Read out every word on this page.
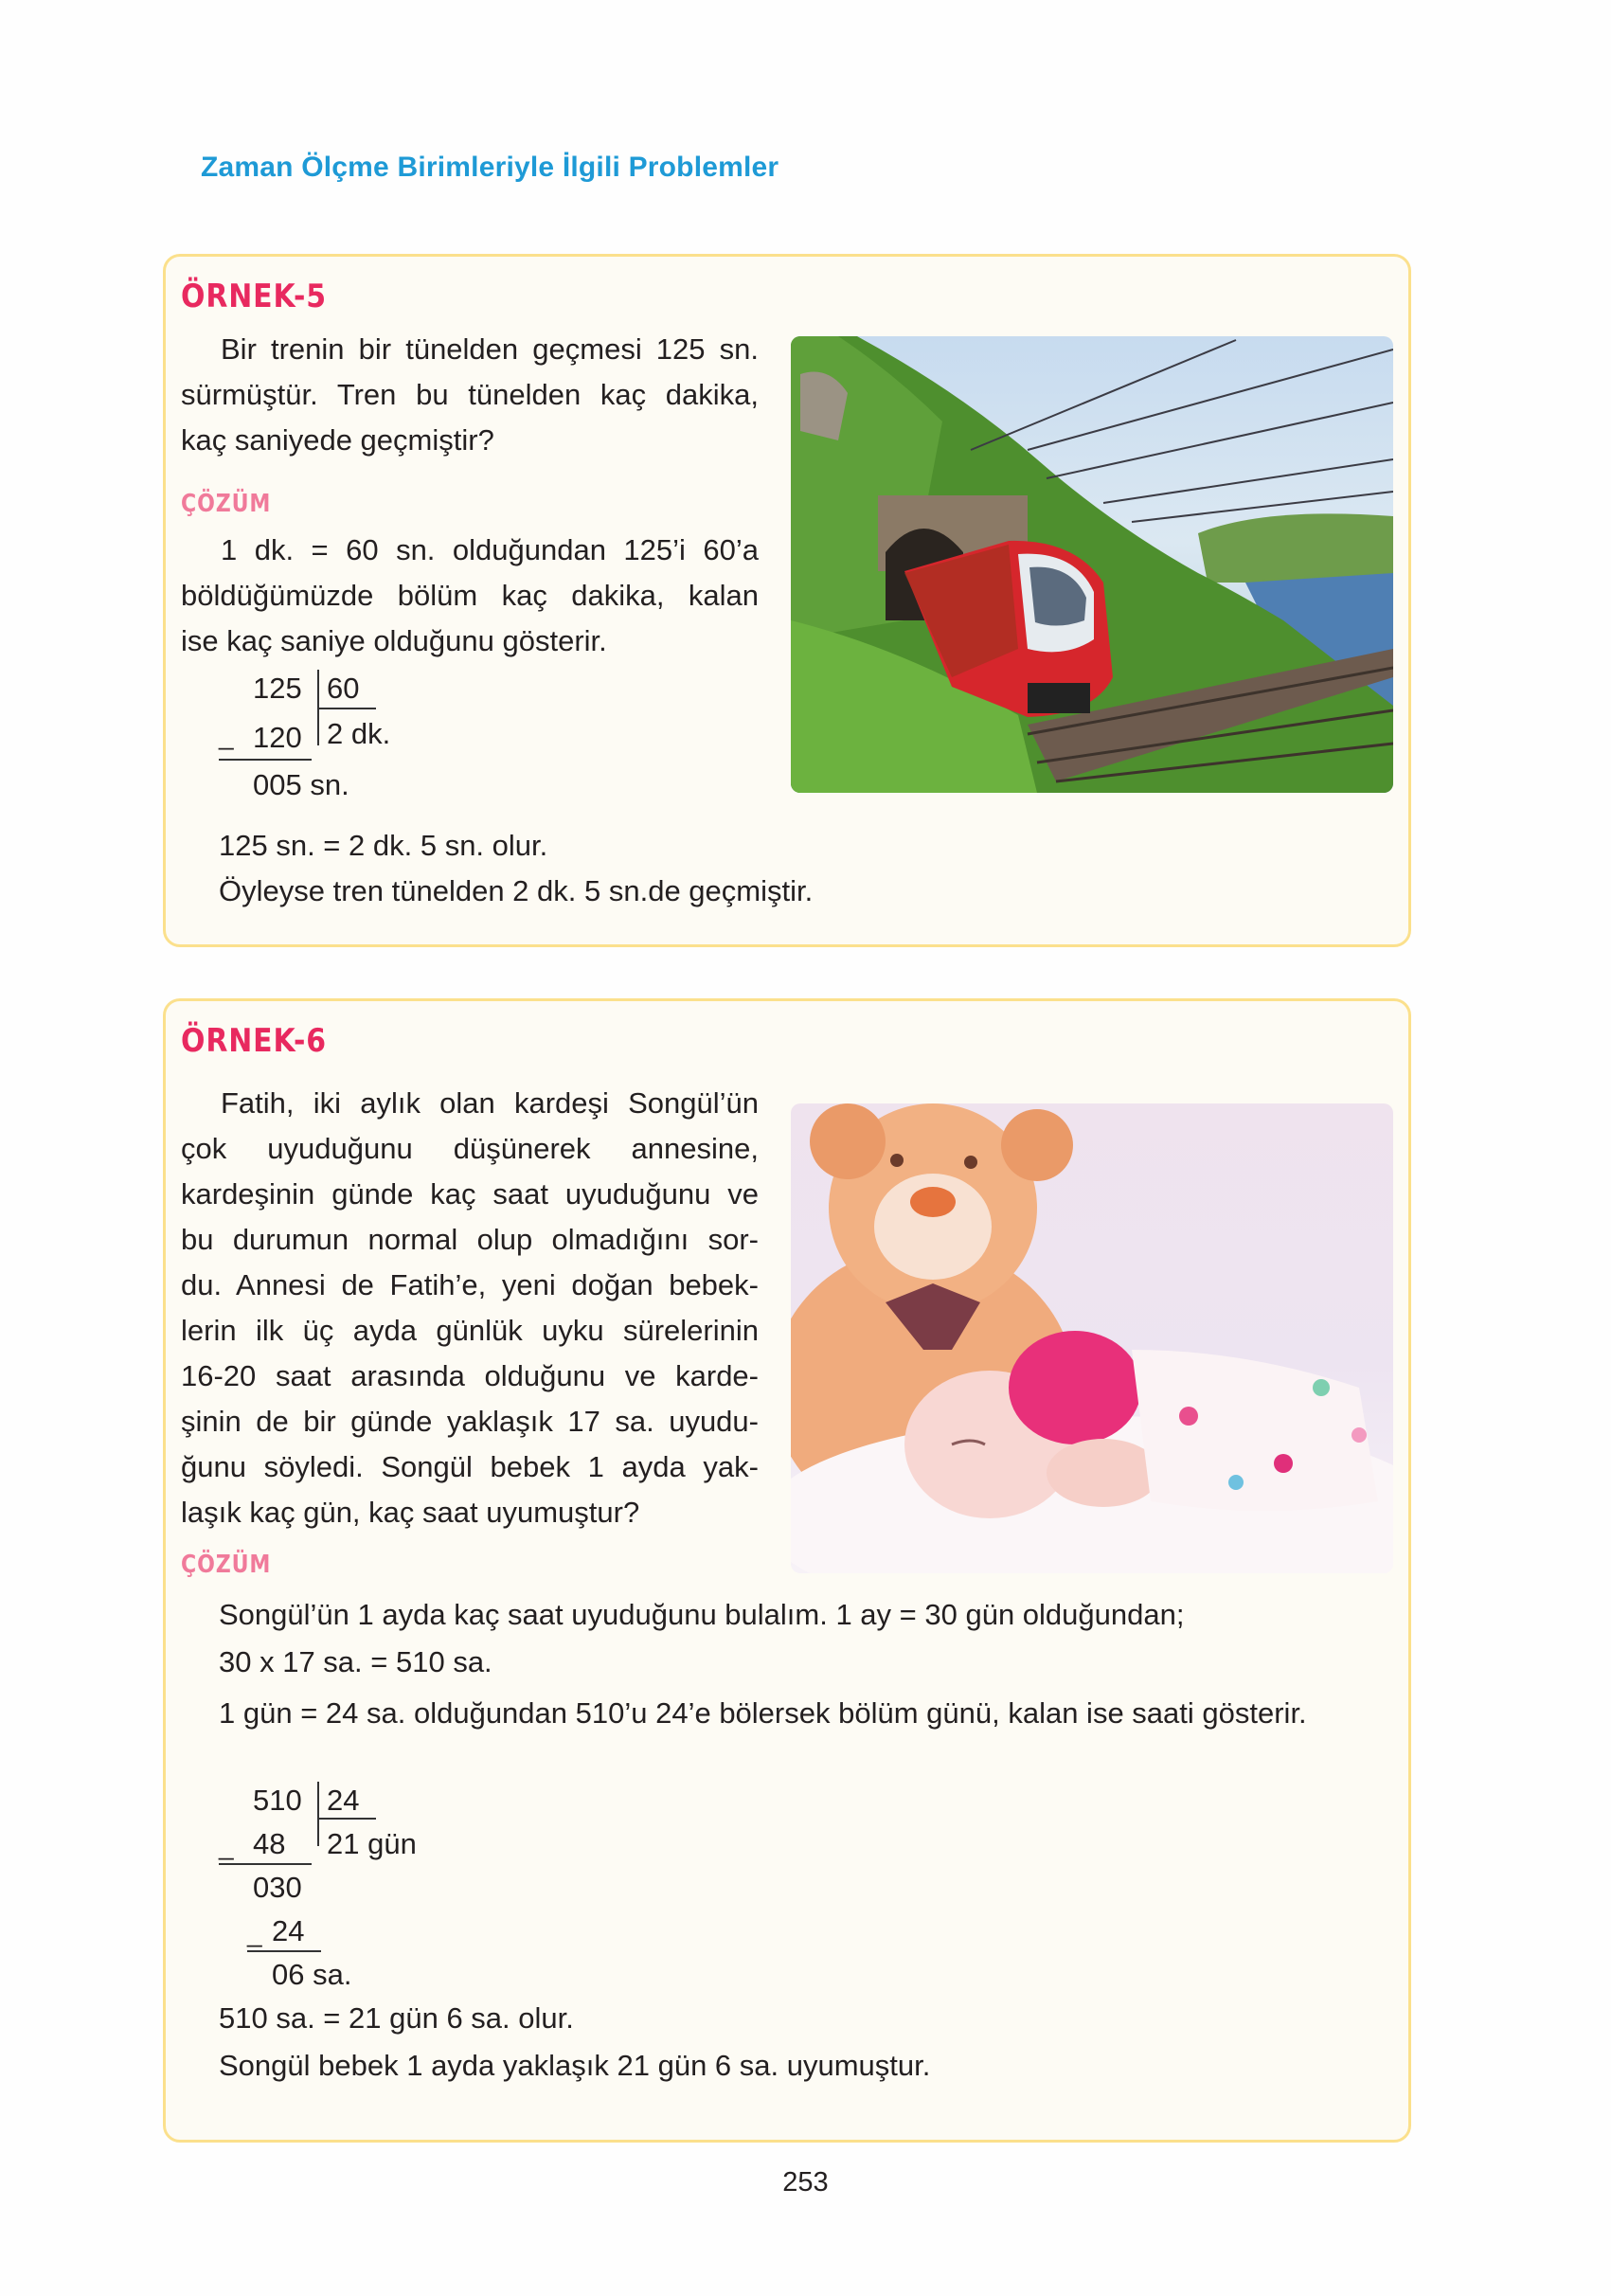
Zaman Ölçme Birimleriyle İlgili Problemler
ÖRNEK-5
Bir trenin bir tünelden geçmesi 125 sn.
sürmüştür. Tren bu tünelden kaç dakika,
kaç saniyede geçmiştir?
ÇÖZÜM
1 dk. = 60 sn. olduğundan 125’i 60’a
böldüğümüzde bölüm kaç dakika, kalan
ise kaç saniye olduğunu gösterir.
125 60
2 dk.
_ 120
005 sn.
125 sn. = 2 dk. 5 sn. olur.
Öyleyse tren tünelden 2 dk. 5 sn.de geçmiştir.
ÖRNEK-6
Fatih, iki aylık olan kardeşi Songül’ün
çok uyuduğunu düşünerek annesine,
kardeşinin günde kaç saat uyuduğunu ve
bu durumun normal olup olmadığını sor-
du. Annesi de Fatih’e, yeni doğan bebek-
lerin ilk üç ayda günlük uyku sürelerinin
16-20 saat arasında olduğunu ve karde-
şinin de bir günde yaklaşık 17 sa. uyudu-
ğunu söyledi. Songül bebek 1 ayda yak-
laşık kaç gün, kaç saat uyumuştur?
ÇÖZÜM
Songül’ün 1 ayda kaç saat uyuduğunu bulalım. 1 ay = 30 gün olduğundan;
30 x 17 sa. = 510 sa.
1 gün = 24 sa. olduğundan 510’u 24’e bölersek bölüm günü, kalan ise saati gösterir.
510 24
21 gün
_ 48
030
_ 24
06 sa.
510 sa. = 21 gün 6 sa. olur.
Songül bebek 1 ayda yaklaşık 21 gün 6 sa. uyumuştur.
253
